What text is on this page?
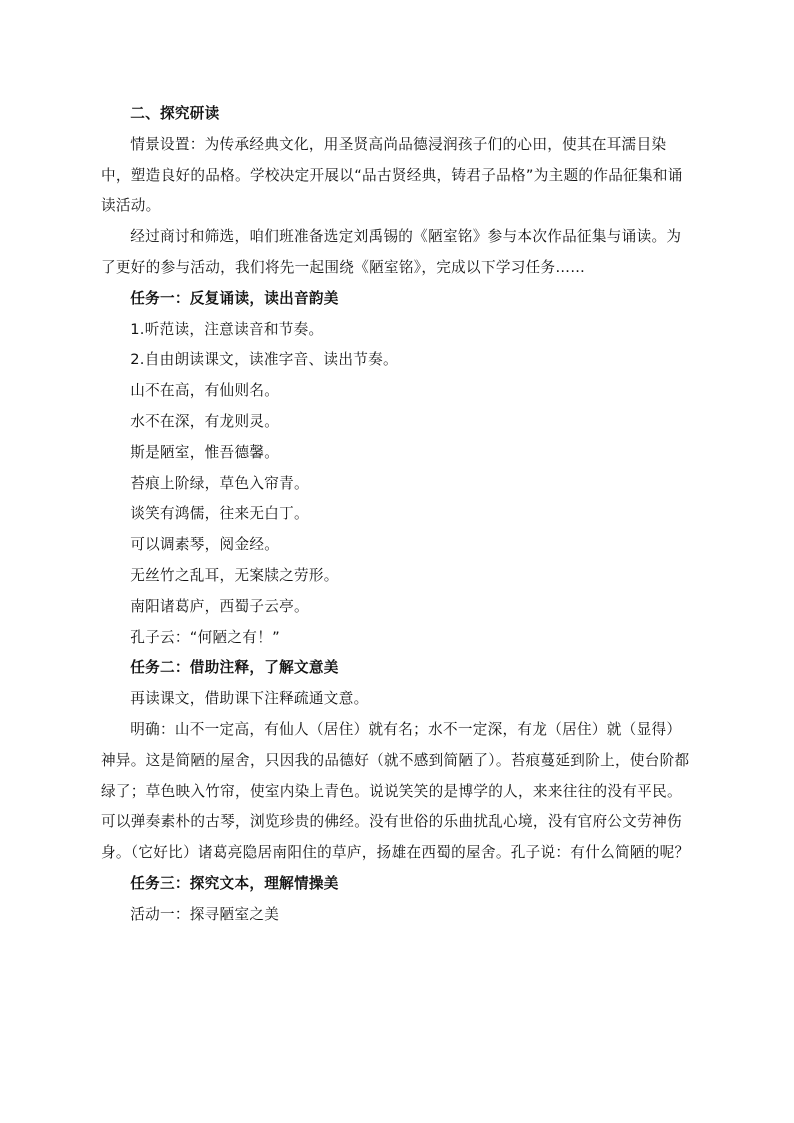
二、探究研读

情景设置：为传承经典文化，用圣贤高尚品德浸润孩子们的心田，使其在耳濡目染中，塑造良好的品格。学校决定开展以“品古贤经典，铸君子品格”为主题的作品征集和诵读活动。

经过商讨和筛选，咱们班准备选定刘禹锡的《陋室铭》参与本次作品征集与诵读。为了更好的参与活动，我们将先一起围绕《陋室铭》，完成以下学习任务……

任务一：反复诵读，读出音韵美

1.听范读，注意读音和节奏。

2.自由朗读课文，读准字音、读出节奏。

山不在高，有仙则名。

水不在深，有龙则灵。

斯是陋室，惟吾德馨。

苔痕上阶绿，草色入帘青。

谈笑有鸿儒，往来无白丁。

可以调素琴，阅金经。

无丝竹之乱耳，无案牍之劳形。

南阳诸葛庐，西蜀子云亭。

孔子云：“何陋之有！”

任务二：借助注释，了解文意美

再读课文，借助课下注释疏通文意。

明确：山不一定高，有仙人（居住）就有名；水不一定深，有龙（居住）就（显得）神异。这是简陋的屋舍，只因我的品德好（就不感到简陋了）。苔痕蔓延到阶上，使台阶都绿了；草色映入竹帘，使室内染上青色。说说笑笑的是博学的人，来来往往的没有平民。可以弹奏素朴的古琴，浏览珍贵的佛经。没有世俗的乐曲扰乱心境，没有官府公文劳神伤身。（它好比）诸葛亮隐居南阳住的草庐，扬雄在西蜀的屋舍。孔子说：有什么简陋的呢？

任务三：探究文本，理解情操美

活动一：探寻陋室之美
